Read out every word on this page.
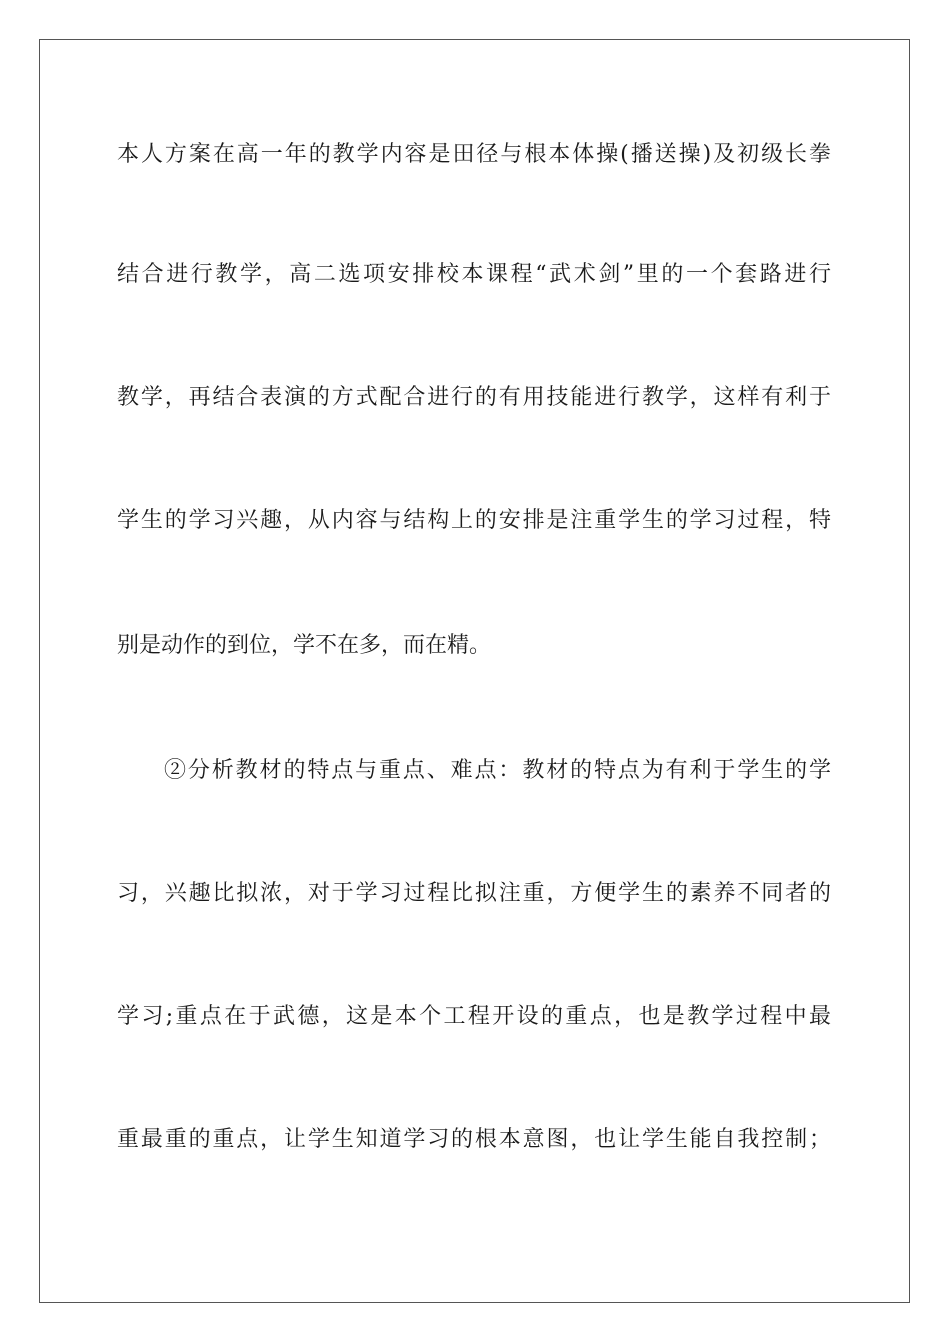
本人方案在高一年的教学内容是田径与根本体操(播送操)及初级长拳
结合进行教学，高二选项安排校本课程“武术剑”里的一个套路进行
教学，再结合表演的方式配合进行的有用技能进行教学，这样有利于
学生的学习兴趣，从内容与结构上的安排是注重学生的学习过程，特
别是动作的到位，学不在多，而在精。
②分析教材的特点与重点、难点：教材的特点为有利于学生的学
习，兴趣比拟浓，对于学习过程比拟注重，方便学生的素养不同者的
学习;重点在于武德，这是本个工程开设的重点，也是教学过程中最
重最重的重点，让学生知道学习的根本意图，也让学生能自我控制；
